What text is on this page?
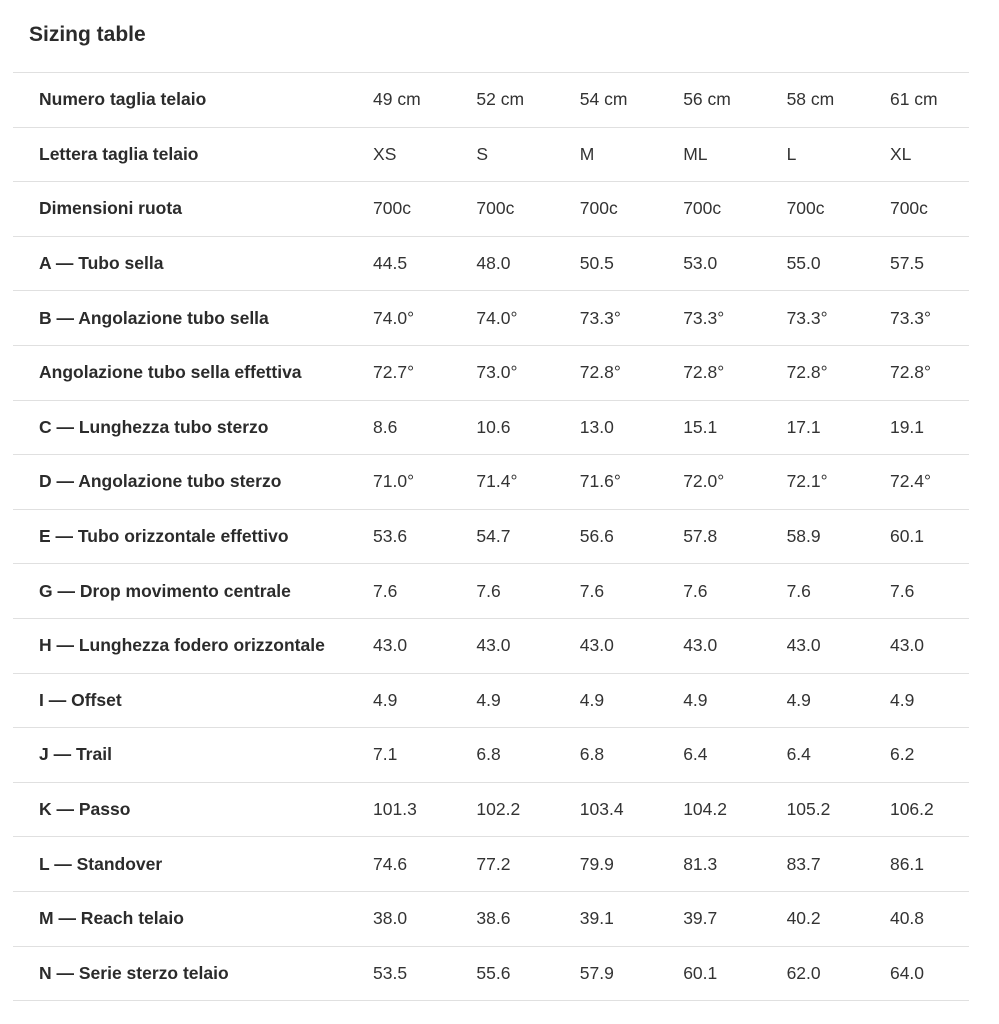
Sizing table
Numero taglia telaio	49 cm	52 cm	54 cm	56 cm	58 cm	61 cm
Lettera taglia telaio	XS	S	M	ML	L	XL
Dimensioni ruota	700c	700c	700c	700c	700c	700c
A — Tubo sella	44.5	48.0	50.5	53.0	55.0	57.5
B — Angolazione tubo sella	74.0°	74.0°	73.3°	73.3°	73.3°	73.3°
Angolazione tubo sella effettiva	72.7°	73.0°	72.8°	72.8°	72.8°	72.8°
C — Lunghezza tubo sterzo	8.6	10.6	13.0	15.1	17.1	19.1
D — Angolazione tubo sterzo	71.0°	71.4°	71.6°	72.0°	72.1°	72.4°
E — Tubo orizzontale effettivo	53.6	54.7	56.6	57.8	58.9	60.1
G — Drop movimento centrale	7.6	7.6	7.6	7.6	7.6	7.6
H — Lunghezza fodero orizzontale	43.0	43.0	43.0	43.0	43.0	43.0
I — Offset	4.9	4.9	4.9	4.9	4.9	4.9
J — Trail	7.1	6.8	6.8	6.4	6.4	6.2
K — Passo	101.3	102.2	103.4	104.2	105.2	106.2
L — Standover	74.6	77.2	79.9	81.3	83.7	86.1
M — Reach telaio	38.0	38.6	39.1	39.7	40.2	40.8
N — Serie sterzo telaio	53.5	55.6	57.9	60.1	62.0	64.0
